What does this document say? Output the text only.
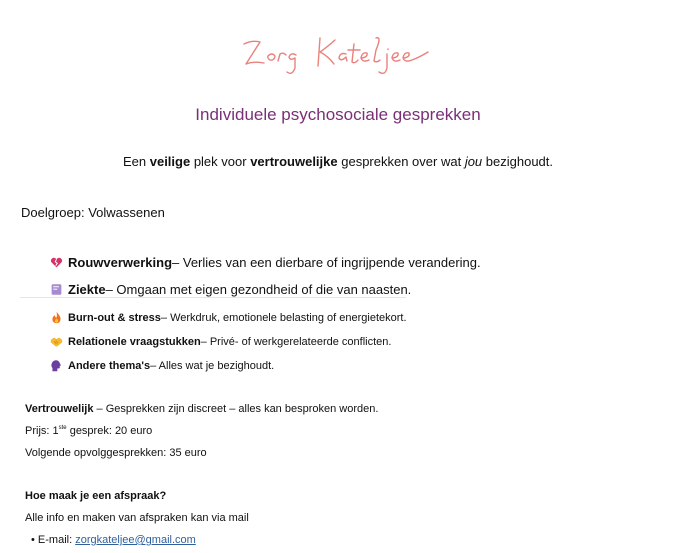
Zorg Kateljee
Individuele psychosociale gesprekken
Een veilige plek voor vertrouwelijke gesprekken over wat jou bezighoudt.
Doelgroep: Volwassenen
Rouwverwerking – Verlies van een dierbare of ingrijpende verandering.
Ziekte – Omgaan met eigen gezondheid of die van naasten.
Burn-out & stress – Werkdruk, emotionele belasting of energietekort.
Relationele vraagstukken – Privé- of werkgerelateerde conflicten.
Andere thema's – Alles wat je bezighoudt.
Vertrouwelijk – Gesprekken zijn discreet – alles kan besproken worden.
Prijs: 1ste gesprek: 20 euro
Volgende opvolggesprekken: 35 euro
Hoe maak je een afspraak?
Alle info en maken van afspraken kan via mail
• E-mail: zorgkateljee@gmail.com
